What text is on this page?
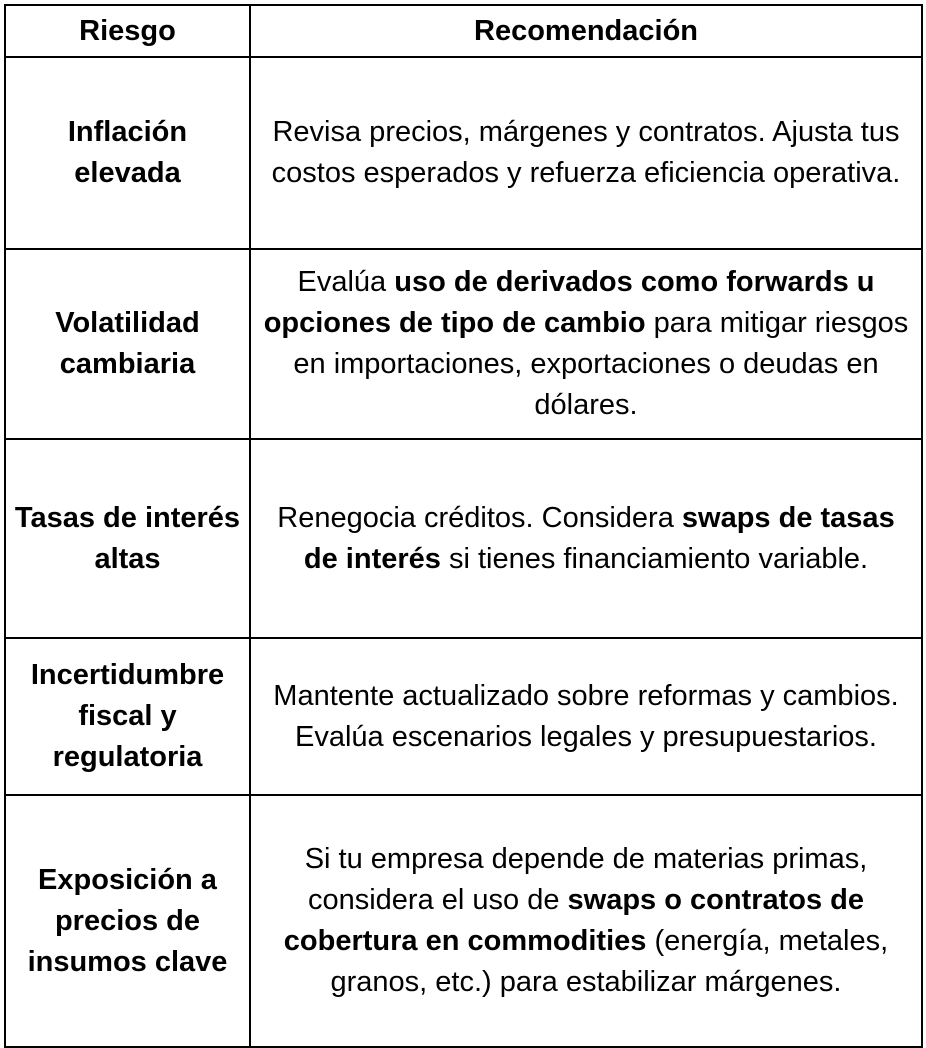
Riesgo	Recomendación
Inflación elevada	Revisa precios, márgenes y contratos. Ajusta tus costos esperados y refuerza eficiencia operativa.
Volatilidad cambiaria	Evalúa uso de derivados como forwards u opciones de tipo de cambio para mitigar riesgos en importaciones, exportaciones o deudas en dólares.
Tasas de interés altas	Renegocia créditos. Considera swaps de tasas de interés si tienes financiamiento variable.
Incertidumbre fiscal y regulatoria	Mantente actualizado sobre reformas y cambios. Evalúa escenarios legales y presupuestarios.
Exposición a precios de insumos clave	Si tu empresa depende de materias primas, considera el uso de swaps o contratos de cobertura en commodities (energía, metales, granos, etc.) para estabilizar márgenes.
